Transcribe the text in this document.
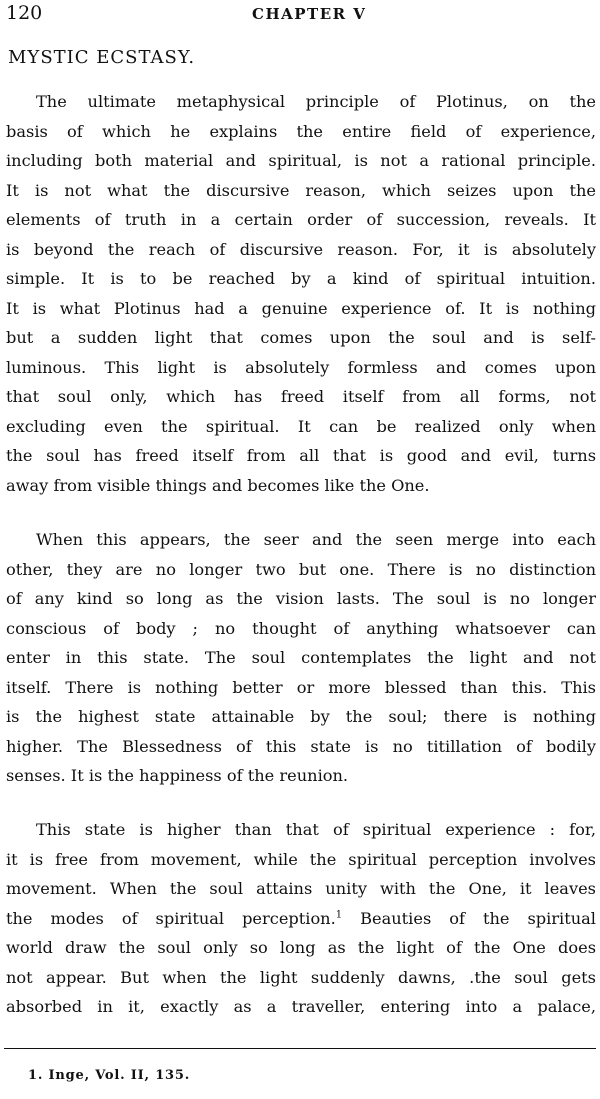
120	CHAPTER V
MYSTIC ECSTASY.
The ultimate metaphysical principle of Plotinus, on the
basis of which he explains the entire field of experience,
including both material and spiritual, is not a rational principle.
It is not what the discursive reason, which seizes upon the
elements of truth in a certain order of succession, reveals. It
is beyond the reach of discursive reason. For, it is absolutely
simple. It is to be reached by a kind of spiritual intuition.
It is what Plotinus had a genuine experience of. It is nothing
but a sudden light that comes upon the soul and is self-
luminous. This light is absolutely formless and comes upon
that soul only, which has freed itself from all forms, not
excluding even the spiritual. It can be realized only when
the soul has freed itself from all that is good and evil, turns
away from visible things and becomes like the One.
When this appears, the seer and the seen merge into each
other, they are no longer two but one. There is no distinction
of any kind so long as the vision lasts. The soul is no longer
conscious of body ; no thought of anything whatsoever can
enter in this state. The soul contemplates the light and not
itself. There is nothing better or more blessed than this. This
is the highest state attainable by the soul; there is nothing
higher. The Blessedness of this state is no titillation of bodily
senses. It is the happiness of the reunion.
This state is higher than that of spiritual experience : for,
it is free from movement, while the spiritual perception involves
movement. When the soul attains unity with the One, it leaves
the modes of spiritual perception.$^1$ Beauties of the spiritual
world draw the soul only so long as the light of the One does
not appear. But when the light suddenly dawns, .the soul gets
absorbed in it, exactly as a traveller, entering into a palace,
1. Inge, Vol. II, 135.
